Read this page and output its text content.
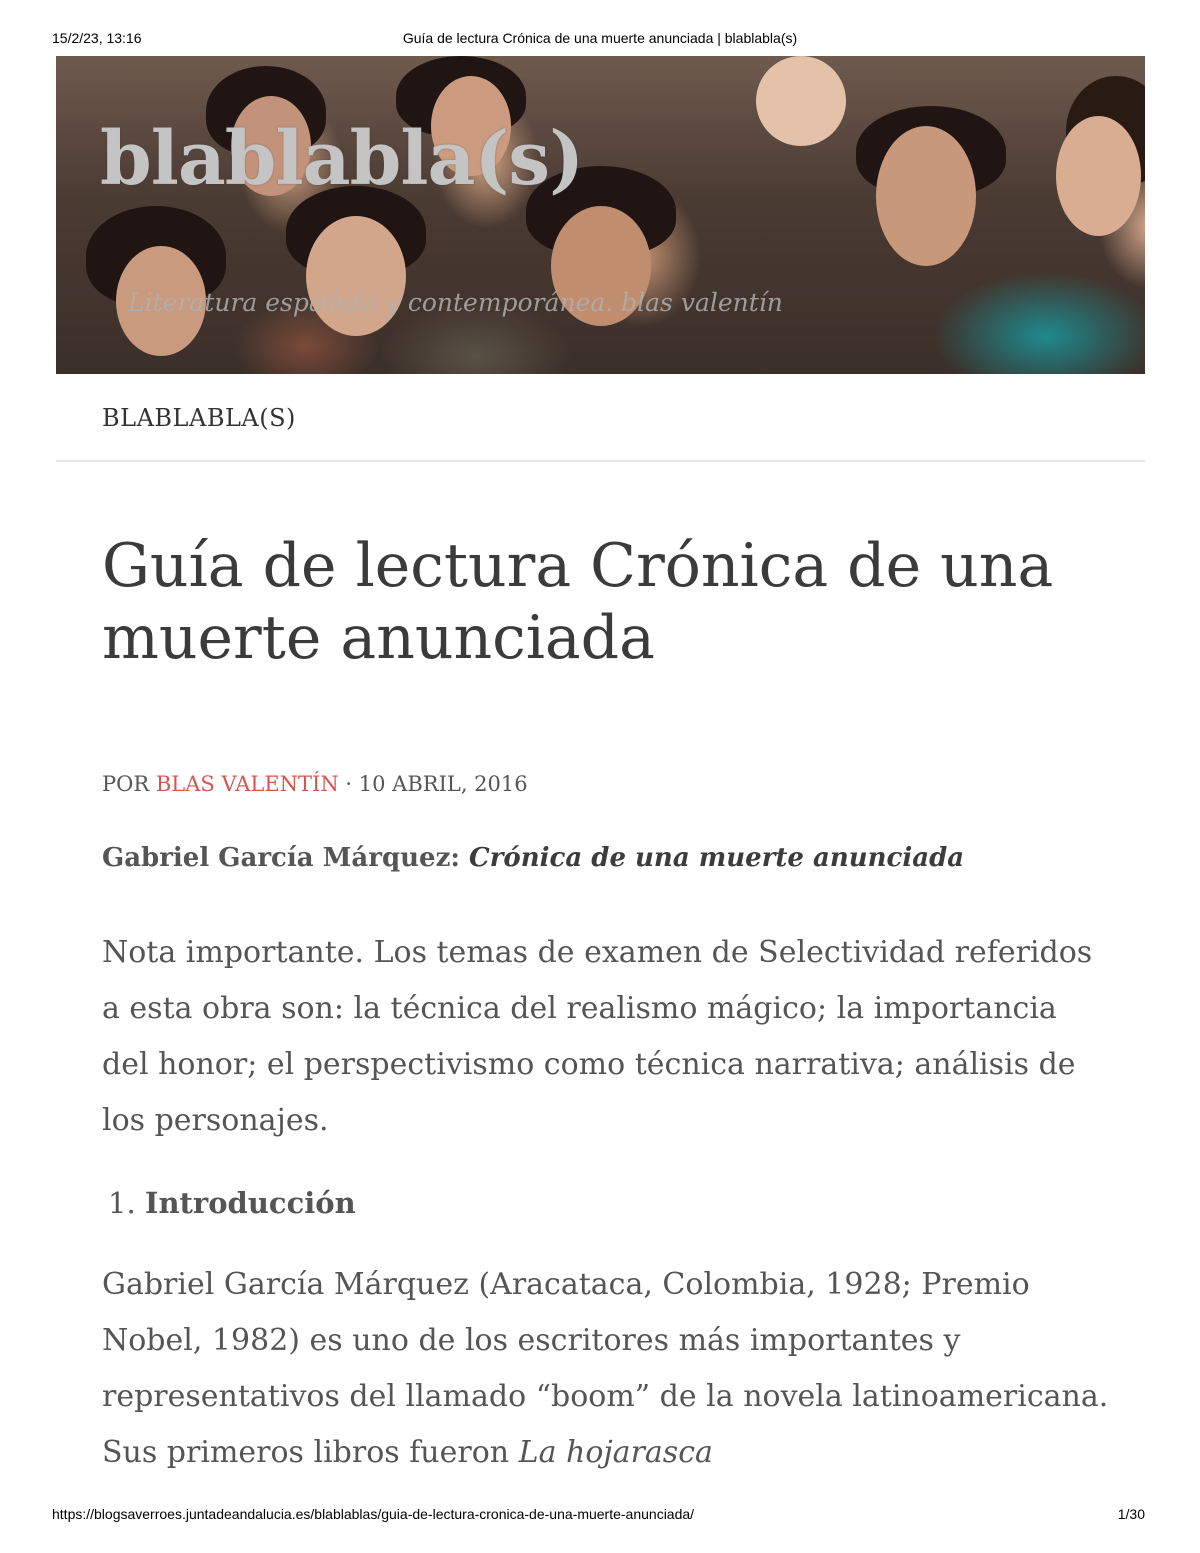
15/2/23, 13:16	Guía de lectura Crónica de una muerte anunciada | blablabla(s)
blablabla(s)
Literatura española y contemporánea. blas valentín
BLABLABLA(S)
Guía de lectura Crónica de una muerte anunciada
POR BLAS VALENTÍN · 10 ABRIL, 2016
Gabriel García Márquez: Crónica de una muerte anunciada

Nota importante. Los temas de examen de Selectividad referidos a esta obra son: la técnica del realismo mágico; la importancia del honor; el perspectivismo como técnica narrativa; análisis de los personajes.

1. Introducción

Gabriel García Márquez (Aracataca, Colombia, 1928; Premio Nobel, 1982) es uno de los escritores más importantes y representativos del llamado “boom” de la novela latinoamericana. Sus primeros libros fueron La hojarasca

https://blogsaverroes.juntadeandalucia.es/blablablas/guia-de-lectura-cronica-de-una-muerte-anunciada/	1/30
